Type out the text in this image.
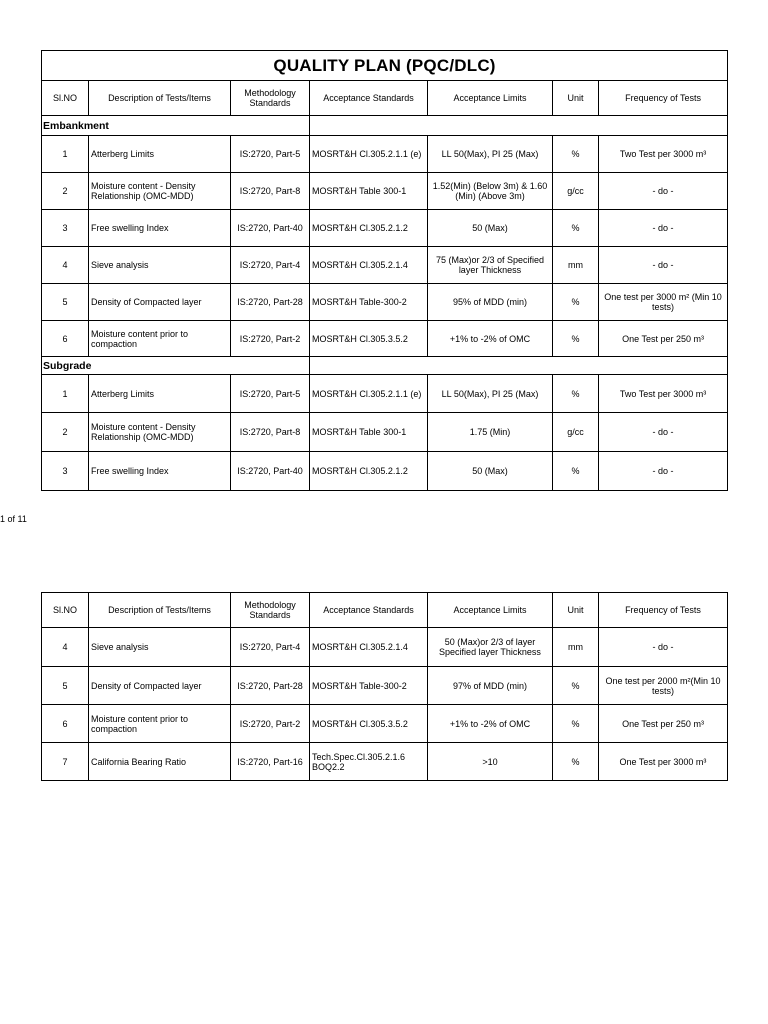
QUALITY PLAN (PQC/DLC)						
Sl.NO	Description of Tests/Items	Methodology Standards	Acceptance Standards	Acceptance Limits	Unit	Frequency of Tests
Embankment						
1	Atterberg Limits	IS:2720, Part-5	MOSRT&H Cl.305.2.1.1 (e)	LL 50(Max), PI 25 (Max)	%	Two Test per 3000 m³
2	Moisture content - Density Relationship (OMC-MDD)	IS:2720, Part-8	MOSRT&H Table 300-1	1.52(Min) (Below 3m) & 1.60 (Min) (Above 3m)	g/cc	- do -
3	Free swelling Index	IS:2720, Part-40	MOSRT&H Cl.305.2.1.2	50 (Max)	%	- do -
4	Sieve analysis	IS:2720, Part-4	MOSRT&H Cl.305.2.1.4	75 (Max)or 2/3 of Specified layer Thickness	mm	- do -
5	Density of Compacted layer	IS:2720, Part-28	MOSRT&H Table-300-2	95% of MDD (min)	%	One test per 3000 m² (Min 10 tests)
6	Moisture content prior to compaction	IS:2720, Part-2	MOSRT&H Cl.305.3.5.2	+1% to -2% of OMC	%	One Test per 250 m³
Subgrade						
1	Atterberg Limits	IS:2720, Part-5	MOSRT&H Cl.305.2.1.1 (e)	LL 50(Max), PI 25 (Max)	%	Two Test per 3000 m³
2	Moisture content - Density Relationship (OMC-MDD)	IS:2720, Part-8	MOSRT&H Table 300-1	1.75 (Min)	g/cc	- do -
3	Free swelling Index	IS:2720, Part-40	MOSRT&H Cl.305.2.1.2	50 (Max)	%	- do -
1 of 11
Sl.NO	Description of Tests/Items	Methodology Standards	Acceptance Standards	Acceptance Limits	Unit	Frequency of Tests
4	Sieve analysis	IS:2720, Part-4	MOSRT&H Cl.305.2.1.4	50 (Max)or 2/3 of layer Specified layer Thickness	mm	- do -
5	Density of Compacted layer	IS:2720, Part-28	MOSRT&H Table-300-2	97% of MDD (min)	%	One test per 2000 m²(Min 10 tests)
6	Moisture content prior to compaction	IS:2720, Part-2	MOSRT&H Cl.305.3.5.2	+1% to -2% of OMC	%	One Test per 250 m³
7	California Bearing Ratio	IS:2720, Part-16	Tech.Spec.Cl.305.2.1.6 BOQ2.2	>10	%	One Test per 3000 m³
